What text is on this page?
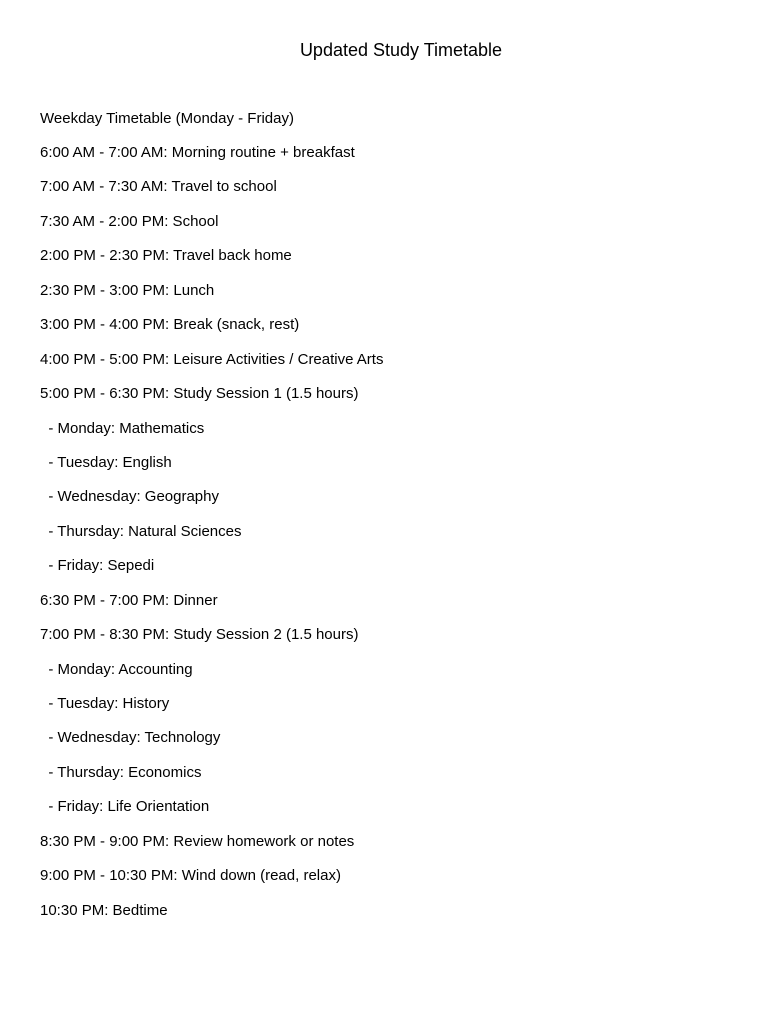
Updated Study Timetable
Weekday Timetable (Monday - Friday)
6:00 AM - 7:00 AM: Morning routine + breakfast
7:00 AM - 7:30 AM: Travel to school
7:30 AM - 2:00 PM: School
2:00 PM - 2:30 PM: Travel back home
2:30 PM - 3:00 PM: Lunch
3:00 PM - 4:00 PM: Break (snack, rest)
4:00 PM - 5:00 PM: Leisure Activities / Creative Arts
5:00 PM - 6:30 PM: Study Session 1 (1.5 hours)
- Monday: Mathematics
- Tuesday: English
- Wednesday: Geography
- Thursday: Natural Sciences
- Friday: Sepedi
6:30 PM - 7:00 PM: Dinner
7:00 PM - 8:30 PM: Study Session 2 (1.5 hours)
- Monday: Accounting
- Tuesday: History
- Wednesday: Technology
- Thursday: Economics
- Friday: Life Orientation
8:30 PM - 9:00 PM: Review homework or notes
9:00 PM - 10:30 PM: Wind down (read, relax)
10:30 PM: Bedtime
